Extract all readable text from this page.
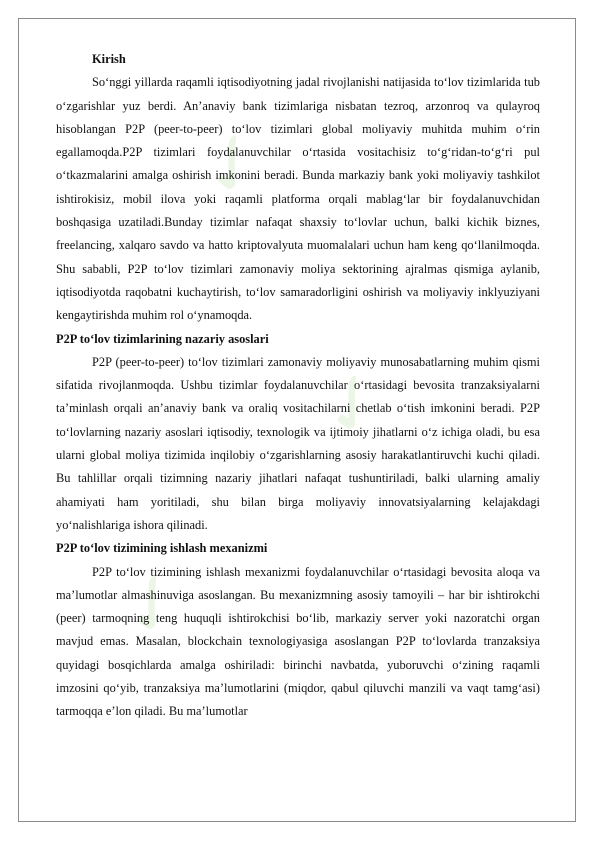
✓
✓
✓

Kirish

So‘nggi yillarda raqamli iqtisodiyotning jadal rivojlanishi natijasida to‘lov tizimlarida tub o‘zgarishlar yuz berdi. An’anaviy bank tizimlariga nisbatan tezroq, arzonroq va qulayroq hisoblangan P2P (peer-to-peer) to‘lov tizimlari global moliyaviy muhitda muhim o‘rin egallamoqda.P2P tizimlari foydalanuvchilar o‘rtasida vositachisiz to‘g‘ridan-to‘g‘ri pul o‘tkazmalarini amalga oshirish imkonini beradi. Bunda markaziy bank yoki moliyaviy tashkilot ishtirokisiz, mobil ilova yoki raqamli platforma orqali mablag‘lar bir foydalanuvchidan boshqasiga uzatiladi.Bunday tizimlar nafaqat shaxsiy to‘lovlar uchun, balki kichik biznes, freelancing, xalqaro savdo va hatto kriptovalyuta muomalalari uchun ham keng qo‘llanilmoqda. Shu sababli, P2P to‘lov tizimlari zamonaviy moliya sektorining ajralmas qismiga aylanib, iqtisodiyotda raqobatni kuchaytirish, to‘lov samaradorligini oshirish va moliyaviy inklyuziyani kengaytirishda muhim rol o‘ynamoqda.

P2P to‘lov tizimlarining nazariy asoslari

P2P (peer-to-peer) to‘lov tizimlari zamonaviy moliyaviy munosabatlarning muhim qismi sifatida rivojlanmoqda. Ushbu tizimlar foydalanuvchilar o‘rtasidagi bevosita tranzaksiyalarni ta’minlash orqali an’anaviy bank va oraliq vositachilarni chetlab o‘tish imkonini beradi. P2P to‘lovlarning nazariy asoslari iqtisodiy, texnologik va ijtimoiy jihatlarni o‘z ichiga oladi, bu esa ularni global moliya tizimida inqilobiy o‘zgarishlarning asosiy harakatlantiruvchi kuchi qiladi. Bu tahlillar orqali tizimning nazariy jihatlari nafaqat tushuntiriladi, balki ularning amaliy ahamiyati ham yoritiladi, shu bilan birga moliyaviy innovatsiyalarning kelajakdagi yo‘nalishlariga ishora qilinadi.

P2P to‘lov tizimining ishlash mexanizmi

P2P to‘lov tizimining ishlash mexanizmi foydalanuvchilar o‘rtasidagi bevosita aloqa va ma’lumotlar almashinuviga asoslangan. Bu mexanizmning asosiy tamoyili – har bir ishtirokchi (peer) tarmoqning teng huquqli ishtirokchisi bo‘lib, markaziy server yoki nazoratchi organ mavjud emas. Masalan, blockchain texnologiyasiga asoslangan P2P to‘lovlarda tranzaksiya quyidagi bosqichlarda amalga oshiriladi: birinchi navbatda, yuboruvchi o‘zining raqamli imzosini qo‘yib, tranzaksiya ma’lumotlarini (miqdor, qabul qiluvchi manzili va vaqt tamg‘asi) tarmoqqa e’lon qiladi. Bu ma’lumotlar
